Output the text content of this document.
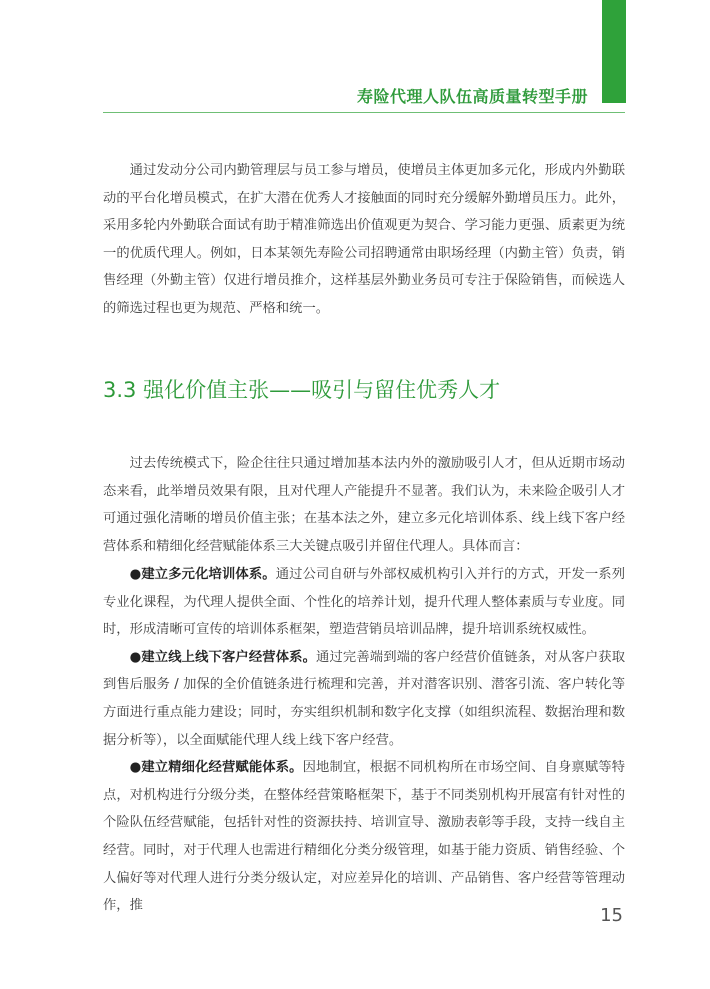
寿险代理人队伍高质量转型手册

通过发动分公司内勤管理层与员工参与增员，使增员主体更加多元化，形成内外勤联动的平台化增员模式，在扩大潜在优秀人才接触面的同时充分缓解外勤增员压力。此外，采用多轮内外勤联合面试有助于精准筛选出价值观更为契合、学习能力更强、质素更为统一的优质代理人。例如，日本某领先寿险公司招聘通常由职场经理（内勤主管）负责，销售经理（外勤主管）仅进行增员推介，这样基层外勤业务员可专注于保险销售，而候选人的筛选过程也更为规范、严格和统一。

3.3 强化价值主张——吸引与留住优秀人才

过去传统模式下，险企往往只通过增加基本法内外的激励吸引人才，但从近期市场动态来看，此举增员效果有限，且对代理人产能提升不显著。我们认为，未来险企吸引人才可通过强化清晰的增员价值主张；在基本法之外，建立多元化培训体系、线上线下客户经营体系和精细化经营赋能体系三大关键点吸引并留住代理人。具体而言：

●建立多元化培训体系。通过公司自研与外部权威机构引入并行的方式，开发一系列专业化课程，为代理人提供全面、个性化的培养计划，提升代理人整体素质与专业度。同时，形成清晰可宣传的培训体系框架，塑造营销员培训品牌，提升培训系统权威性。

●建立线上线下客户经营体系。通过完善端到端的客户经营价值链条，对从客户获取到售后服务 / 加保的全价值链条进行梳理和完善，并对潜客识别、潜客引流、客户转化等方面进行重点能力建设；同时，夯实组织机制和数字化支撑（如组织流程、数据治理和数据分析等），以全面赋能代理人线上线下客户经营。

●建立精细化经营赋能体系。因地制宜，根据不同机构所在市场空间、自身禀赋等特点，对机构进行分级分类，在整体经营策略框架下，基于不同类别机构开展富有针对性的个险队伍经营赋能，包括针对性的资源扶持、培训宣导、激励表彰等手段，支持一线自主经营。同时，对于代理人也需进行精细化分类分级管理，如基于能力资质、销售经验、个人偏好等对代理人进行分类分级认定，对应差异化的培训、产品销售、客户经营等管理动作，推	15
